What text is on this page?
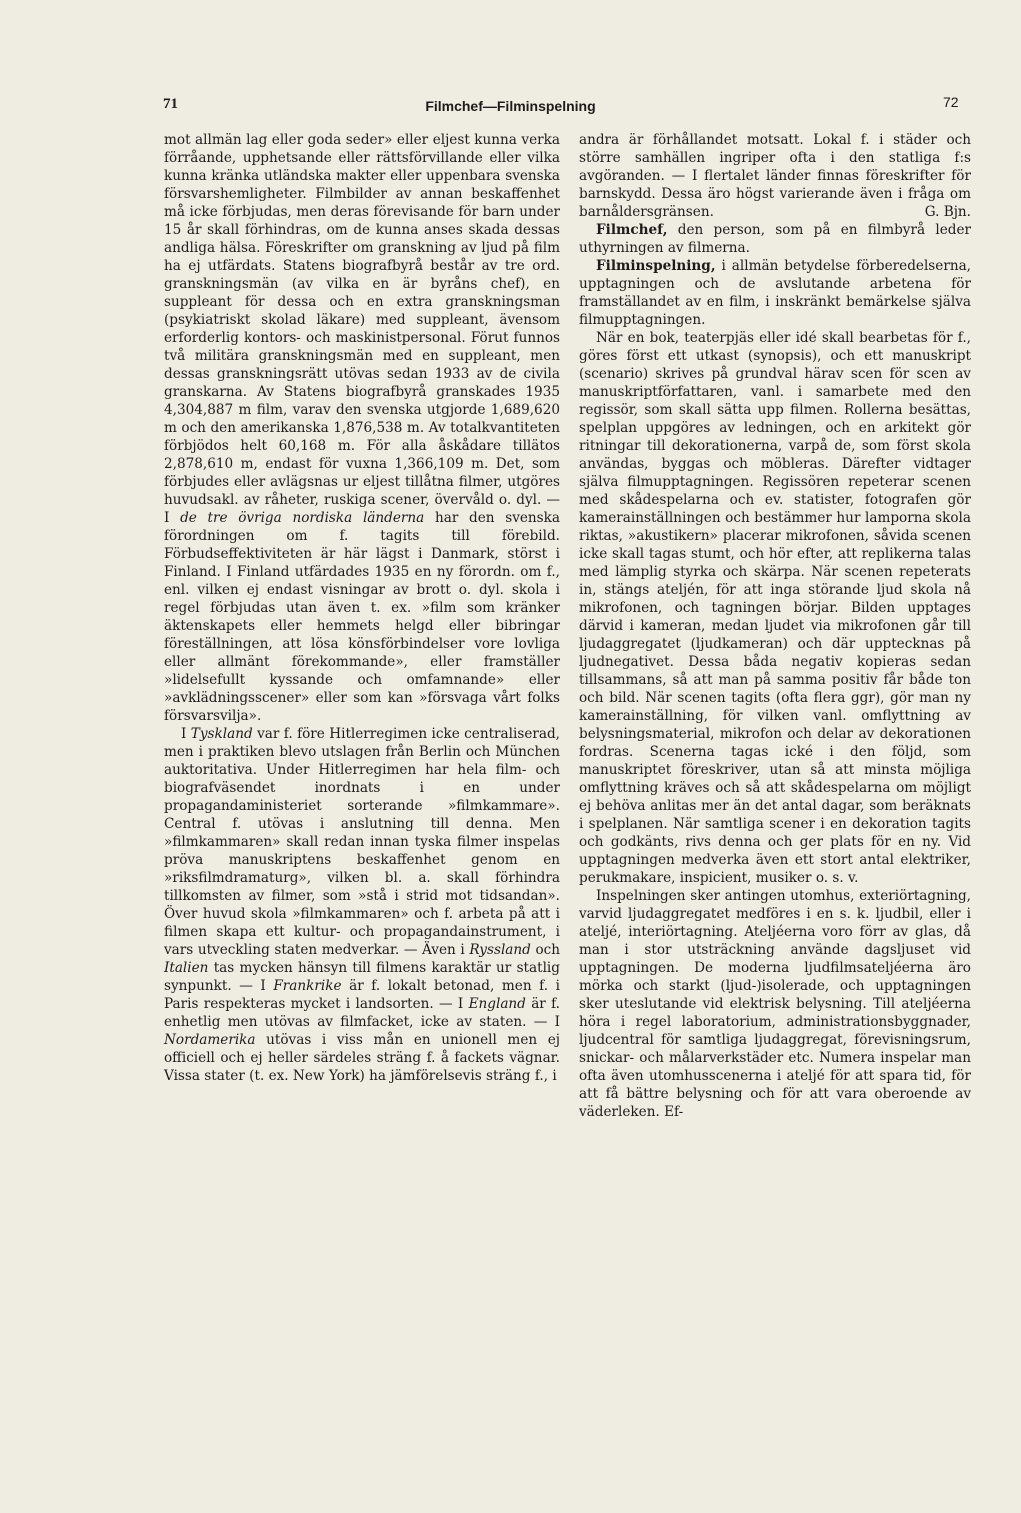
71	Filmchef—Filminspelning	72

mot allmän lag eller goda seder» eller eljest kunna verka förråande, upphetsande eller rättsförvillande eller vilka kunna kränka utländska makter eller uppenbara svenska försvarshemligheter. Filmbilder av annan beskaffenhet må icke förbjudas, men deras förevisande för barn under 15 år skall förhindras, om de kunna anses skada dessas andliga hälsa. Föreskrifter om granskning av ljud på film ha ej utfärdats. Statens biografbyrå består av tre ord. granskningsmän (av vilka en är byråns chef), en suppleant för dessa och en extra granskningsman (psykiatriskt skolad läkare) med suppleant, ävensom erforderlig kontors- och maskinistpersonal. Förut funnos två militära granskningsmän med en suppleant, men dessas granskningsrätt utövas sedan 1933 av de civila granskarna. Av Statens biografbyrå granskades 1935 4,304,887 m film, varav den svenska utgjorde 1,689,620 m och den amerikanska 1,876,538 m. Av totalkvantiteten förbjödos helt 60,168 m. För alla åskådare tillätos 2,878,610 m, endast för vuxna 1,366,109 m. Det, som förbjudes eller avlägsnas ur eljest tillåtna filmer, utgöres huvudsakl. av råheter, ruskiga scener, övervåld o. dyl. — I de tre övriga nordiska länderna har den svenska förordningen om f. tagits till förebild. Förbudseffektiviteten är här lägst i Danmark, störst i Finland. I Finland utfärdades 1935 en ny förordn. om f., enl. vilken ej endast visningar av brott o. dyl. skola i regel förbjudas utan även t. ex. »film som kränker äktenskapets eller hemmets helgd eller bibringar föreställningen, att lösa könsförbindelser vore lovliga eller allmänt förekommande», eller framställer »lidelsefullt kyssande och omfamnande» eller »avklädningsscener» eller som kan »försvaga vårt folks försvarsvilja».

I Tyskland var f. före Hitlerregimen icke centraliserad, men i praktiken blevo utslagen från Berlin och München auktoritativa. Under Hitlerregimen har hela film- och biografväsendet inordnats i en under propagandaministeriet sorterande »filmkammare». Central f. utövas i anslutning till denna. Men »filmkammaren» skall redan innan tyska filmer inspelas pröva manuskriptens beskaffenhet genom en »riksfilmdramaturg», vilken bl. a. skall förhindra tillkomsten av filmer, som »stå i strid mot tidsandan». Över huvud skola »filmkammaren» och f. arbeta på att i filmen skapa ett kultur- och propagandainstrument, i vars utveckling staten medverkar. — Även i Ryssland och Italien tas mycken hänsyn till filmens karaktär ur statlig synpunkt. — I Frankrike är f. lokalt betonad, men f. i Paris respekteras mycket i landsorten. — I England är f. enhetlig men utövas av filmfacket, icke av staten. — I Nordamerika utövas i viss mån en unionell men ej officiell och ej heller särdeles sträng f. å fackets vägnar. Vissa stater (t. ex. New York) ha jämförelsevis sträng f., i

andra är förhållandet motsatt. Lokal f. i städer och större samhällen ingriper ofta i den statliga f:s avgöranden. — I flertalet länder finnas föreskrifter för barnskydd. Dessa äro högst varierande även i fråga om barnåldersgränsen.	G. Bjn.

Filmchef, den person, som på en filmbyrå leder uthyrningen av filmerna.

Filminspelning, i allmän betydelse förberedelserna, upptagningen och de avslutande arbetena för framställandet av en film, i inskränkt bemärkelse själva filmupptagningen.

När en bok, teaterpjäs eller idé skall bearbetas för f., göres först ett utkast (synopsis), och ett manuskript (scenario) skrives på grundval härav scen för scen av manuskriptförfattaren, vanl. i samarbete med den regissör, som skall sätta upp filmen. Rollerna besättas, spelplan uppgöres av ledningen, och en arkitekt gör ritningar till dekorationerna, varpå de, som först skola användas, byggas och möbleras. Därefter vidtager själva filmupptagningen. Regissören repeterar scenen med skådespelarna och ev. statister, fotografen gör kamerainställningen och bestämmer hur lamporna skola riktas, »akustikern» placerar mikrofonen, såvida scenen icke skall tagas stumt, och hör efter, att replikerna talas med lämplig styrka och skärpa. När scenen repeterats in, stängs ateljén, för att inga störande ljud skola nå mikrofonen, och tagningen börjar. Bilden upptages därvid i kameran, medan ljudet via mikrofonen går till ljudaggregatet (ljudkameran) och där upptecknas på ljudnegativet. Dessa båda negativ kopieras sedan tillsammans, så att man på samma positiv får både ton och bild. När scenen tagits (ofta flera ggr), gör man ny kamerainställning, för vilken vanl. omflyttning av belysningsmaterial, mikrofon och delar av dekorationen fordras. Scenerna tagas ické i den följd, som manuskriptet föreskriver, utan så att minsta möjliga omflyttning kräves och så att skådespelarna om möjligt ej behöva anlitas mer än det antal dagar, som beräknats i spelplanen. När samtliga scener i en dekoration tagits och godkänts, rivs denna och ger plats för en ny. Vid upptagningen medverka även ett stort antal elektriker, perukmakare, inspicient, musiker o. s. v.

Inspelningen sker antingen utomhus, exteriörtagning, varvid ljudaggregatet medföres i en s. k. ljudbil, eller i ateljé, interiörtagning. Ateljéerna voro förr av glas, då man i stor utsträckning använde dagsljuset vid upptagningen. De moderna ljudfilmsateljéerna äro mörka och starkt (ljud-)isolerade, och upptagningen sker uteslutande vid elektrisk belysning. Till ateljéerna höra i regel laboratorium, administrationsbyggnader, ljudcentral för samtliga ljudaggregat, förevisningsrum, snickar- och målarverkstäder etc. Numera inspelar man ofta även utomhusscenerna i ateljé för att spara tid, för att få bättre belysning och för att vara oberoende av väderleken. Ef-
